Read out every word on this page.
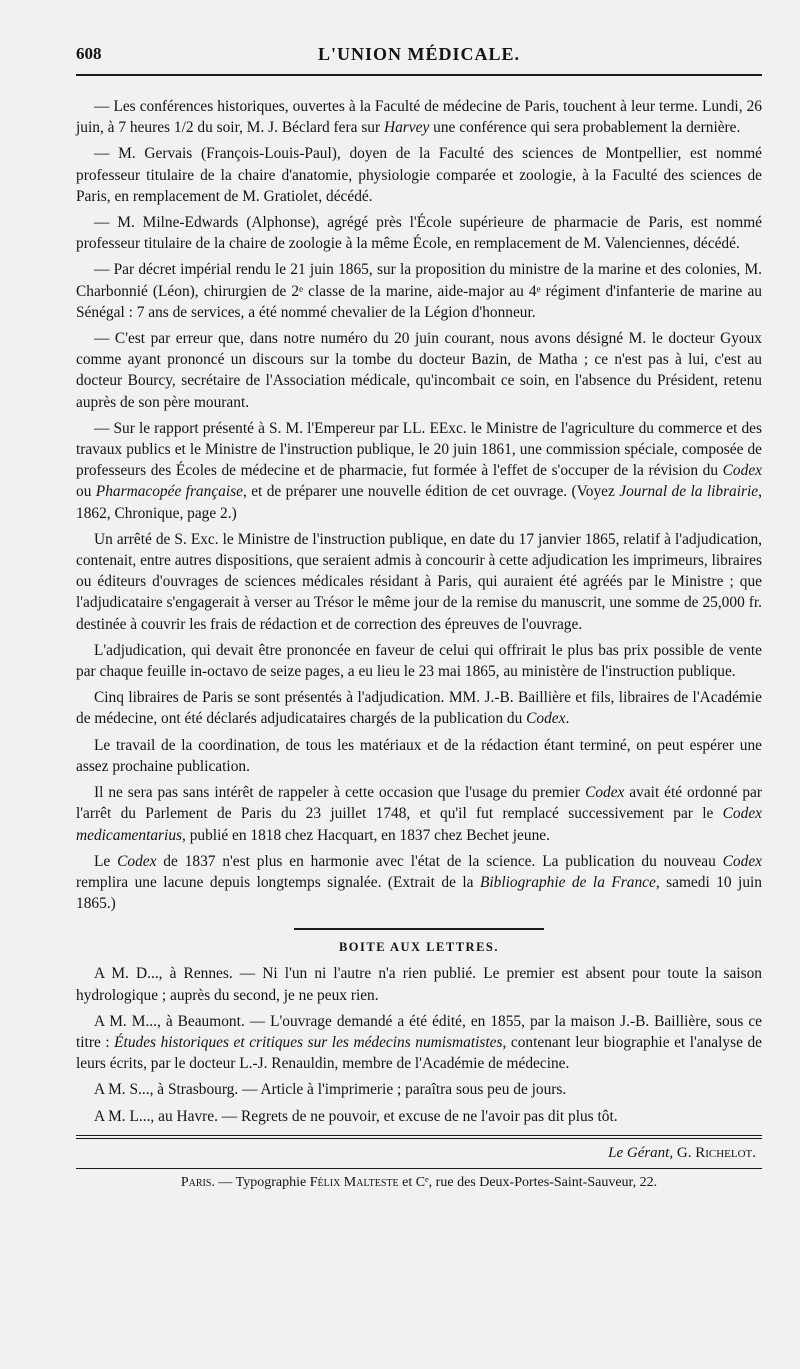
608	L'UNION MÉDICALE.

— Les conférences historiques, ouvertes à la Faculté de médecine de Paris, touchent à leur terme. Lundi, 26 juin, à 7 heures 1/2 du soir, M. J. Béclard fera sur Harvey une conférence qui sera probablement la dernière.

— M. Gervais (François-Louis-Paul), doyen de la Faculté des sciences de Montpellier, est nommé professeur titulaire de la chaire d'anatomie, physiologie comparée et zoologie, à la Faculté des sciences de Paris, en remplacement de M. Gratiolet, décédé.

— M. Milne-Edwards (Alphonse), agrégé près l'École supérieure de pharmacie de Paris, est nommé professeur titulaire de la chaire de zoologie à la même École, en remplacement de M. Valenciennes, décédé.

— Par décret impérial rendu le 21 juin 1865, sur la proposition du ministre de la marine et des colonies, M. Charbonnié (Léon), chirurgien de 2ᵉ classe de la marine, aide-major au 4ᵉ régiment d'infanterie de marine au Sénégal : 7 ans de services, a été nommé chevalier de la Légion d'honneur.

— C'est par erreur que, dans notre numéro du 20 juin courant, nous avons désigné M. le docteur Gyoux comme ayant prononcé un discours sur la tombe du docteur Bazin, de Matha ; ce n'est pas à lui, c'est au docteur Bourcy, secrétaire de l'Association médicale, qu'incombait ce soin, en l'absence du Président, retenu auprès de son père mourant.

— Sur le rapport présenté à S. M. l'Empereur par LL. EExc. le Ministre de l'agriculture du commerce et des travaux publics et le Ministre de l'instruction publique, le 20 juin 1861, une commission spéciale, composée de professeurs des Écoles de médecine et de pharmacie, fut formée à l'effet de s'occuper de la révision du Codex ou Pharmacopée française, et de préparer une nouvelle édition de cet ouvrage. (Voyez Journal de la librairie, 1862, Chronique, page 2.)

Un arrêté de S. Exc. le Ministre de l'instruction publique, en date du 17 janvier 1865, relatif à l'adjudication, contenait, entre autres dispositions, que seraient admis à concourir à cette adjudication les imprimeurs, libraires ou éditeurs d'ouvrages de sciences médicales résidant à Paris, qui auraient été agréés par le Ministre ; que l'adjudicataire s'engagerait à verser au Trésor le même jour de la remise du manuscrit, une somme de 25,000 fr. destinée à couvrir les frais de rédaction et de correction des épreuves de l'ouvrage.

L'adjudication, qui devait être prononcée en faveur de celui qui offrirait le plus bas prix possible de vente par chaque feuille in-octavo de seize pages, a eu lieu le 23 mai 1865, au ministère de l'instruction publique.

Cinq libraires de Paris se sont présentés à l'adjudication. MM. J.-B. Baillière et fils, libraires de l'Académie de médecine, ont été déclarés adjudicataires chargés de la publication du Codex.

Le travail de la coordination, de tous les matériaux et de la rédaction étant terminé, on peut espérer une assez prochaine publication.

Il ne sera pas sans intérêt de rappeler à cette occasion que l'usage du premier Codex avait été ordonné par l'arrêt du Parlement de Paris du 23 juillet 1748, et qu'il fut remplacé successivement par le Codex medicamentarius, publié en 1818 chez Hacquart, en 1837 chez Bechet jeune.

Le Codex de 1837 n'est plus en harmonie avec l'état de la science. La publication du nouveau Codex remplira une lacune depuis longtemps signalée. (Extrait de la Bibliographie de la France, samedi 10 juin 1865.)

BOITE AUX LETTRES.

A M. D..., à Rennes. — Ni l'un ni l'autre n'a rien publié. Le premier est absent pour toute la saison hydrologique ; auprès du second, je ne peux rien.

A M. M..., à Beaumont. — L'ouvrage demandé a été édité, en 1855, par la maison J.-B. Baillière, sous ce titre : Études historiques et critiques sur les médecins numismatistes, contenant leur biographie et l'analyse de leurs écrits, par le docteur L.-J. Renauldin, membre de l'Académie de médecine.

A M. S..., à Strasbourg. — Article à l'imprimerie ; paraîtra sous peu de jours.

A M. L..., au Havre. — Regrets de ne pouvoir, et excuse de ne l'avoir pas dit plus tôt.

Le Gérant, G. Richelot.
Paris. — Typographie Félix Malteste et Cᵉ, rue des Deux-Portes-Saint-Sauveur, 22.
